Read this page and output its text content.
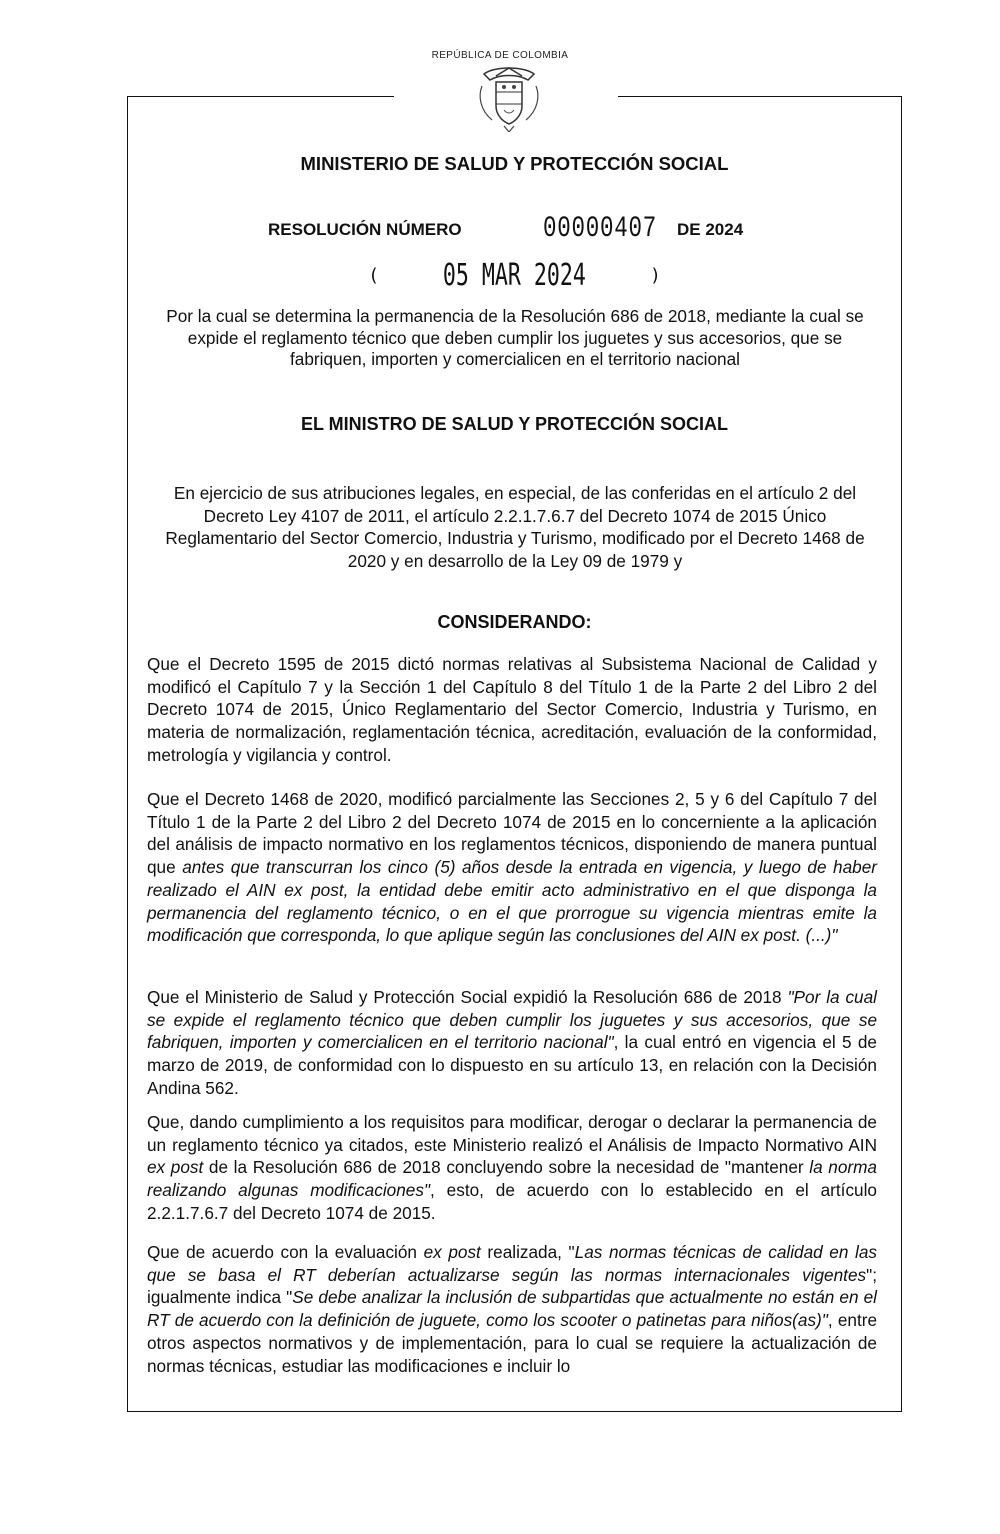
REPÚBLICA DE COLOMBIA
MINISTERIO DE SALUD Y PROTECCIÓN SOCIAL
RESOLUCIÓN NÚMERO	00000407 DE 2024
( 05 MAR 2024	)
Por la cual se determina la permanencia de la Resolución 686 de 2018, mediante la cual se expide el reglamento técnico que deben cumplir los juguetes y sus accesorios, que se fabriquen, importen y comercialicen en el territorio nacional
EL MINISTRO DE SALUD Y PROTECCIÓN SOCIAL
En ejercicio de sus atribuciones legales, en especial, de las conferidas en el artículo 2 del Decreto Ley 4107 de 2011, el artículo 2.2.1.7.6.7 del Decreto 1074 de 2015 Único Reglamentario del Sector Comercio, Industria y Turismo, modificado por el Decreto 1468 de 2020 y en desarrollo de la Ley 09 de 1979 y
CONSIDERANDO:
Que el Decreto 1595 de 2015 dictó normas relativas al Subsistema Nacional de Calidad y modificó el Capítulo 7 y la Sección 1 del Capítulo 8 del Título 1 de la Parte 2 del Libro 2 del Decreto 1074 de 2015, Único Reglamentario del Sector Comercio, Industria y Turismo, en materia de normalización, reglamentación técnica, acreditación, evaluación de la conformidad, metrología y vigilancia y control.
Que el Decreto 1468 de 2020, modificó parcialmente las Secciones 2, 5 y 6 del Capítulo 7 del Título 1 de la Parte 2 del Libro 2 del Decreto 1074 de 2015 en lo concerniente a la aplicación del análisis de impacto normativo en los reglamentos técnicos, disponiendo de manera puntual que antes que transcurran los cinco (5) años desde la entrada en vigencia, y luego de haber realizado el AIN ex post, la entidad debe emitir acto administrativo en el que disponga la permanencia del reglamento técnico, o en el que prorrogue su vigencia mientras emite la modificación que corresponda, lo que aplique según las conclusiones del AIN ex post. (...)"
Que el Ministerio de Salud y Protección Social expidió la Resolución 686 de 2018 "Por la cual se expide el reglamento técnico que deben cumplir los juguetes y sus accesorios, que se fabriquen, importen y comercialicen en el territorio nacional", la cual entró en vigencia el 5 de marzo de 2019, de conformidad con lo dispuesto en su artículo 13, en relación con la Decisión Andina 562.
Que, dando cumplimiento a los requisitos para modificar, derogar o declarar la permanencia de un reglamento técnico ya citados, este Ministerio realizó el Análisis de Impacto Normativo AIN ex post de la Resolución 686 de 2018 concluyendo sobre la necesidad de "mantener la norma realizando algunas modificaciones", esto, de acuerdo con lo establecido en el artículo 2.2.1.7.6.7 del Decreto 1074 de 2015.
Que de acuerdo con la evaluación ex post realizada, "Las normas técnicas de calidad en las que se basa el RT deberían actualizarse según las normas internacionales vigentes"; igualmente indica "Se debe analizar la inclusión de subpartidas que actualmente no están en el RT de acuerdo con la definición de juguete, como los scooter o patinetas para niños(as)", entre otros aspectos normativos y de implementación, para lo cual se requiere la actualización de normas técnicas, estudiar las modificaciones e incluir lo
